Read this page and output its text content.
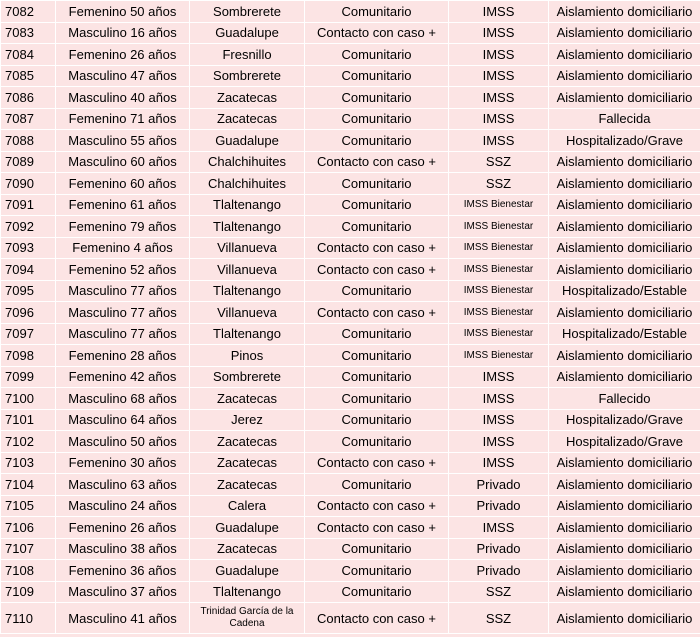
7082	Femenino 50 años	Sombrerete	Comunitario	IMSS	Aislamiento domiciliario
7083	Masculino 16 años	Guadalupe	Contacto con caso +	IMSS	Aislamiento domiciliario
7084	Femenino 26 años	Fresnillo	Comunitario	IMSS	Aislamiento domiciliario
7085	Masculino 47 años	Sombrerete	Comunitario	IMSS	Aislamiento domiciliario
7086	Masculino 40 años	Zacatecas	Comunitario	IMSS	Aislamiento domiciliario
7087	Femenino 71 años	Zacatecas	Comunitario	IMSS	Fallecida
7088	Masculino 55 años	Guadalupe	Comunitario	IMSS	Hospitalizado/Grave
7089	Masculino 60 años	Chalchihuites	Contacto con caso +	SSZ	Aislamiento domiciliario
7090	Femenino 60 años	Chalchihuites	Comunitario	SSZ	Aislamiento domiciliario
7091	Femenino 61 años	Tlaltenango	Comunitario	IMSS Bienestar	Aislamiento domiciliario
7092	Femenino 79 años	Tlaltenango	Comunitario	IMSS Bienestar	Aislamiento domiciliario
7093	Femenino 4 años	Villanueva	Contacto con caso +	IMSS Bienestar	Aislamiento domiciliario
7094	Femenino 52 años	Villanueva	Contacto con caso +	IMSS Bienestar	Aislamiento domiciliario
7095	Masculino 77 años	Tlaltenango	Comunitario	IMSS Bienestar	Hospitalizado/Estable
7096	Masculino 77 años	Villanueva	Contacto con caso +	IMSS Bienestar	Aislamiento domiciliario
7097	Masculino 77 años	Tlaltenango	Comunitario	IMSS Bienestar	Hospitalizado/Estable
7098	Femenino 28 años	Pinos	Comunitario	IMSS Bienestar	Aislamiento domiciliario
7099	Femenino 42 años	Sombrerete	Comunitario	IMSS	Aislamiento domiciliario
7100	Masculino 68 años	Zacatecas	Comunitario	IMSS	Fallecido
7101	Masculino 64 años	Jerez	Comunitario	IMSS	Hospitalizado/Grave
7102	Masculino 50 años	Zacatecas	Comunitario	IMSS	Hospitalizado/Grave
7103	Femenino 30 años	Zacatecas	Contacto con caso +	IMSS	Aislamiento domiciliario
7104	Masculino 63 años	Zacatecas	Comunitario	Privado	Aislamiento domiciliario
7105	Masculino 24 años	Calera	Contacto con caso +	Privado	Aislamiento domiciliario
7106	Femenino 26 años	Guadalupe	Contacto con caso +	IMSS	Aislamiento domiciliario
7107	Masculino 38 años	Zacatecas	Comunitario	Privado	Aislamiento domiciliario
7108	Femenino 36 años	Guadalupe	Comunitario	Privado	Aislamiento domiciliario
7109	Masculino 37 años	Tlaltenango	Comunitario	SSZ	Aislamiento domiciliario
7110	Masculino 41 años	Trinidad García de la Cadena	Contacto con caso +	SSZ	Aislamiento domiciliario
